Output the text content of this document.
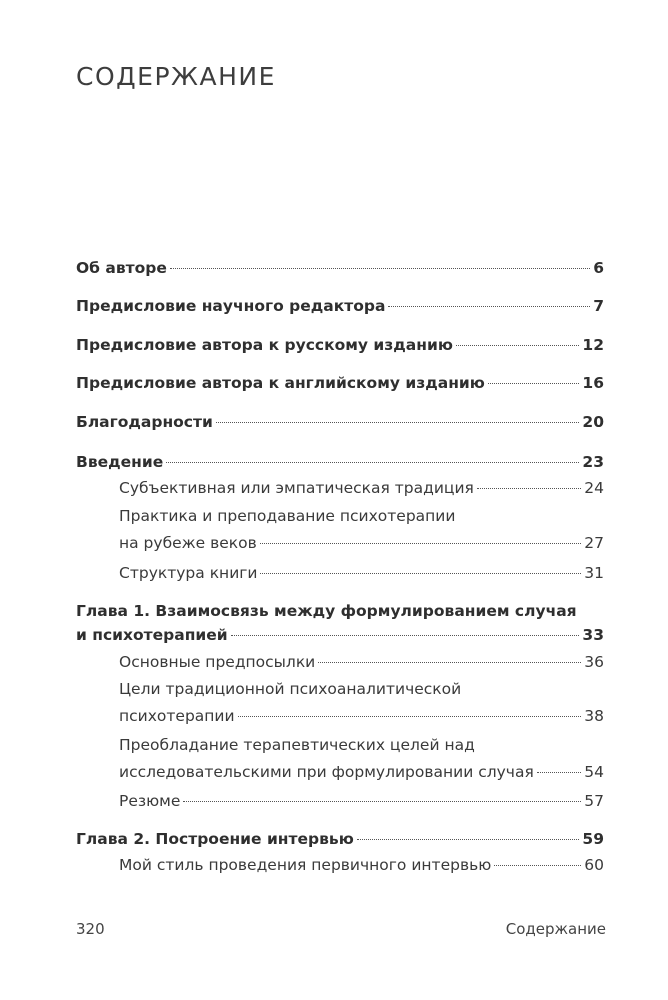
СОДЕРЖАНИЕ
Об авторе	6
Предисловие научного редактора	7
Предисловие автора к русскому изданию	12
Предисловие автора к английскому изданию	16
Благодарности	20
Введение	23
Субъективная или эмпатическая традиция	24
Практика и преподавание психотерапии
на рубеже веков	27
Структура книги	31
Глава 1. Взаимосвязь между формулированием случая
и психотерапией	33
Основные предпосылки	36
Цели традиционной психоаналитической
психотерапии	38
Преобладание терапевтических целей над
исследовательскими при формулировании случая	54
Резюме	57
Глава 2. Построение интервью	59
Мой стиль проведения первичного интервью	60
320	Содержание
